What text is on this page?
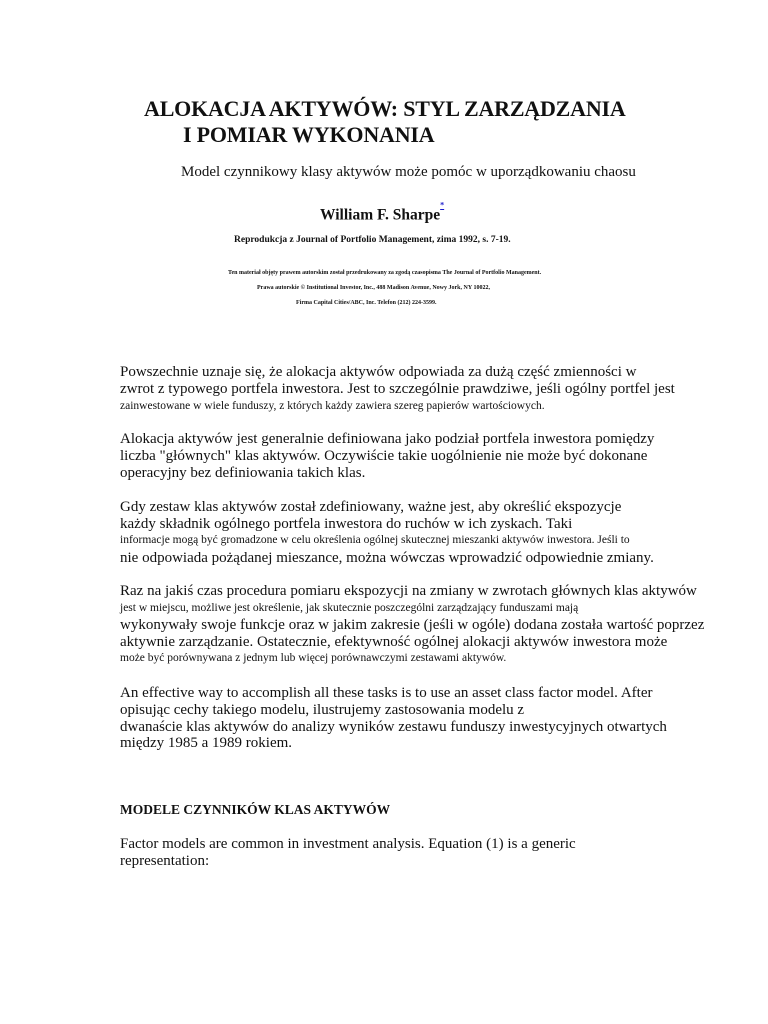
ALOKACJA AKTYWÓW: STYL ZARZĄDZANIA
I POMIAR WYKONANIA
Model czynnikowy klasy aktywów może pomóc w uporządkowaniu chaosu
William F. Sharpe*
Reprodukcja z Journal of Portfolio Management, zima 1992, s. 7-19.
Ten materiał objęty prawem autorskim został przedrukowany za zgodą czasopisma The Journal of Portfolio Management.
Prawa autorskie © Institutional Investor, Inc., 488 Madison Avenue, Nowy Jork, NY 10022,
Firma Capital Cities/ABC, Inc. Telefon (212) 224-3599.
Powszechnie uznaje się, że alokacja aktywów odpowiada za dużą część zmienności w
zwrot z typowego portfela inwestora. Jest to szczególnie prawdziwe, jeśli ogólny portfel jest
zainwestowane w wiele funduszy, z których każdy zawiera szereg papierów wartościowych.
Alokacja aktywów jest generalnie definiowana jako podział portfela inwestora pomiędzy
liczba "głównych" klas aktywów. Oczywiście takie uogólnienie nie może być dokonane
operacyjny bez definiowania takich klas.
Gdy zestaw klas aktywów został zdefiniowany, ważne jest, aby określić ekspozycje
każdy składnik ogólnego portfela inwestora do ruchów w ich zyskach. Taki
informacje mogą być gromadzone w celu określenia ogólnej skutecznej mieszanki aktywów inwestora. Jeśli to
nie odpowiada pożądanej mieszance, można wówczas wprowadzić odpowiednie zmiany.
Raz na jakiś czas procedura pomiaru ekspozycji na zmiany w zwrotach głównych klas aktywów
jest w miejscu, możliwe jest określenie, jak skutecznie poszczególni zarządzający funduszami mają
wykonywały swoje funkcje oraz w jakim zakresie (jeśli w ogóle) dodana została wartość poprzez
aktywnie zarządzanie. Ostatecznie, efektywność ogólnej alokacji aktywów inwestora może
może być porównywana z jednym lub więcej porównawczymi zestawami aktywów.
An effective way to accomplish all these tasks is to use an asset class factor model. After
opisując cechy takiego modelu, ilustrujemy zastosowania modelu z
dwanaście klas aktywów do analizy wyników zestawu funduszy inwestycyjnych otwartych
między 1985 a 1989 rokiem.
MODELE CZYNNIKÓW KLAS AKTYWÓW
Factor models are common in investment analysis. Equation (1) is a generic
representation:
